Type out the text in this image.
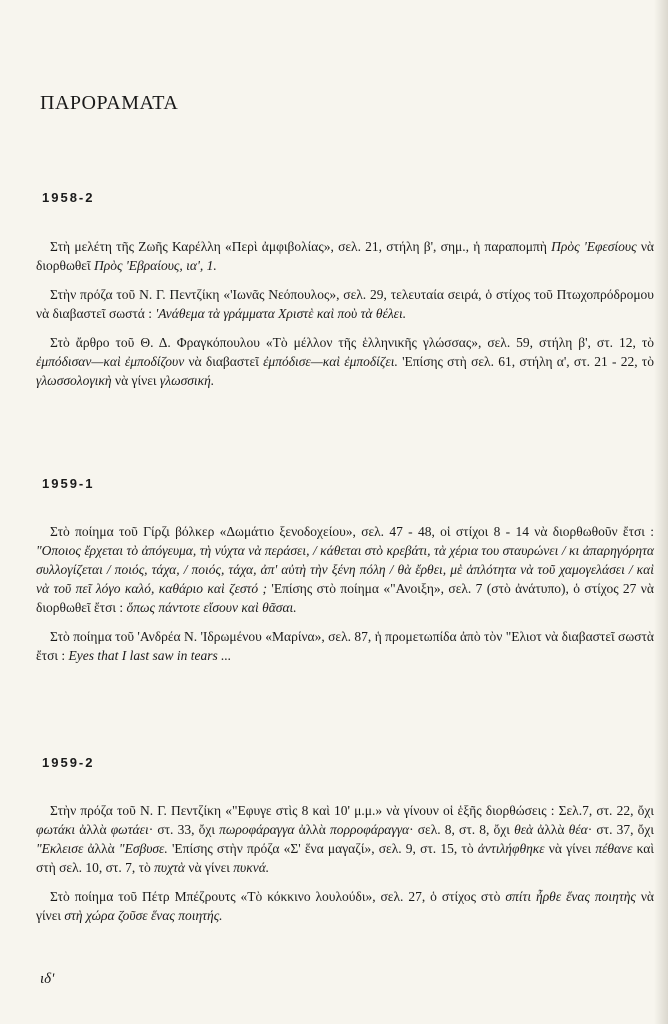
ΠΑΡΟΡΑΜΑΤΑ
1958-2

Στὴ μελέτη τῆς Ζωῆς Καρέλλη «Περὶ ἀμφιβολίας», σελ. 21, στήλη β', σημ., ἡ παραπομπὴ Πρὸς 'Εφεσίους νὰ διορθωθεῖ Πρὸς 'Εβραίους, ια', 1.

Στὴν πρόζα τοῦ Ν. Γ. Πεντζίκη «'Ιωνᾶς Νεόπουλος», σελ. 29, τελευταία σειρά, ὁ στίχος τοῦ Πτωχοπρόδρομου νὰ διαβαστεῖ σωστά : 'Ανάθεμα τὰ γράμματα Χριστὲ καὶ ποὺ τὰ θέλει.

Στὸ ἄρθρο τοῦ Θ. Δ. Φραγκόπουλου «Τὸ μέλλον τῆς ἑλληνικῆς γλώσσας», σελ. 59, στήλη β', στ. 12, τὸ ἐμπόδισαν—καὶ ἐμποδίζουν νὰ διαβαστεῖ ἐμπόδισε—καὶ ἐμποδίζει. 'Επίσης στὴ σελ. 61, στήλη α', στ. 21 - 22, τὸ γλωσσολογικὴ νὰ γίνει γλωσσική.

1959-1

Στὸ ποίημα τοῦ Γίρζι βόλκερ «Δωμάτιο ξενοδοχείου», σελ. 47 - 48, οἱ στίχοι 8 - 14 νὰ διορθωθοῦν ἔτσι : "Οποιος ἔρχεται τὸ ἀπόγευμα, τὴ νύχτα νὰ περάσει, / κάθεται στὸ κρεβάτι, τὰ χέρια του σταυρώνει / κι ἀπαρηγόρητα συλλογίζεται / ποιός, τάχα, / ποιός, τάχα, ἀπ' αὐτὴ τὴν ξένη πόλη / θὰ ἔρθει, μὲ ἁπλότητα νὰ τοῦ χαμογελάσει / καὶ νὰ τοῦ πεῖ λόγο καλό, καθάριο καὶ ζεστό ; 'Επίσης στὸ ποίημα «"Ανοιξη», σελ. 7 (στὸ ἀνάτυπο), ὁ στίχος 27 νὰ διορθωθεῖ ἔτσι : ὅπως πάντοτε εἴσουν καὶ θᾶσαι.

Στὸ ποίημα τοῦ 'Ανδρέα Ν. 'Ιδρωμένου «Μαρίνα», σελ. 87, ἡ προμετωπίδα ἀπὸ τὸν "Ελιοτ νὰ διαβαστεῖ σωστὰ ἔτσι : Eyes that I last saw in tears ...

1959-2

Στὴν πρόζα τοῦ Ν. Γ. Πεντζίκη «"Εφυγε στὶς 8 καὶ 10' μ.μ.» νὰ γίνουν οἱ ἑξῆς διορθώσεις : Σελ.7, στ. 22, ὄχι φωτάκι ἀλλὰ φωτάει· στ. 33, ὄχι πωροφάραγγα ἀλλὰ πορροφάραγγα· σελ. 8, στ. 8, ὄχι θεὰ ἀλλὰ θέα· στ. 37, ὄχι "Εκλεισε ἀλλὰ "Εσβυσε. 'Επίσης στὴν πρόζα «Σ' ἕνα μαγαζί», σελ. 9, στ. 15, τὸ ἀντιλήφθηκε νὰ γίνει πέθανε καὶ στὴ σελ. 10, στ. 7, τὸ πυχτὰ νὰ γίνει πυκνά.

Στὸ ποίημα τοῦ Πέτρ Μπέζρουτς «Τὸ κόκκινο λουλούδι», σελ. 27, ὁ στίχος στὸ σπίτι ἦρθε ἕνας ποιητὴς νὰ γίνει στὴ χώρα ζοῦσε ἕνας ποιητής.

ιδ'
